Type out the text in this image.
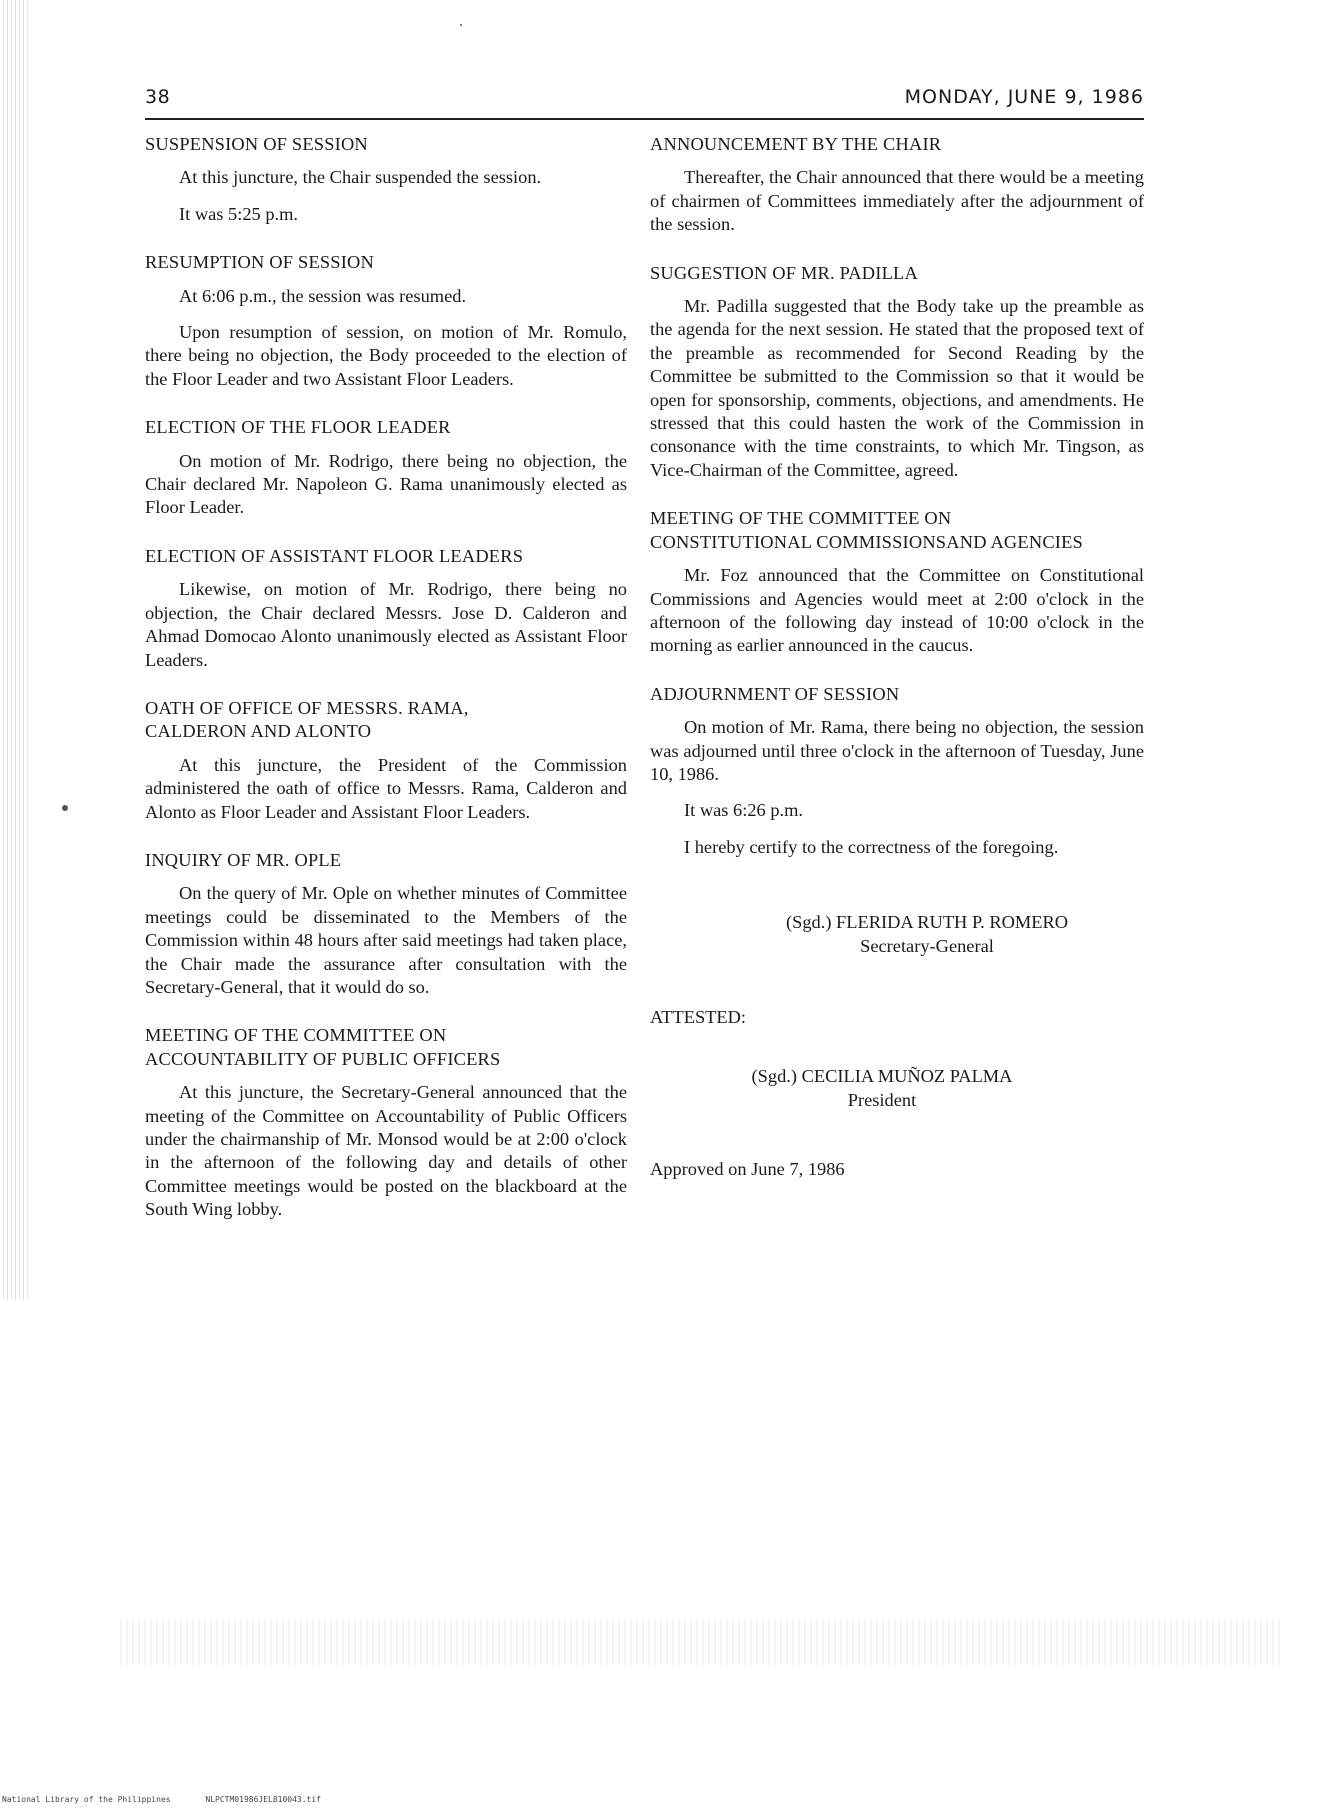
38	MONDAY, JUNE 9, 1986

SUSPENSION OF SESSION

At this juncture, the Chair suspended the session.

It was 5:25 p.m.

RESUMPTION OF SESSION

At 6:06 p.m., the session was resumed.

Upon resumption of session, on motion of Mr. Romulo, there being no objection, the Body proceeded to the election of the Floor Leader and two Assistant Floor Leaders.

ELECTION OF THE FLOOR LEADER

On motion of Mr. Rodrigo, there being no objection, the Chair declared Mr. Napoleon G. Rama unanimously elected as Floor Leader.

ELECTION OF ASSISTANT FLOOR LEADERS

Likewise, on motion of Mr. Rodrigo, there being no objection, the Chair declared Messrs. Jose D. Calderon and Ahmad Domocao Alonto unanimously elected as Assistant Floor Leaders.

OATH OF OFFICE OF MESSRS. RAMA,
CALDERON AND ALONTO

At this juncture, the President of the Commission administered the oath of office to Messrs. Rama, Calderon and Alonto as Floor Leader and Assistant Floor Leaders.

INQUIRY OF MR. OPLE

On the query of Mr. Ople on whether minutes of Committee meetings could be disseminated to the Members of the Commission within 48 hours after said meetings had taken place, the Chair made the assurance after consultation with the Secretary-General, that it would do so.

MEETING OF THE COMMITTEE ON
ACCOUNTABILITY OF PUBLIC OFFICERS

At this juncture, the Secretary-General announced that the meeting of the Committee on Accountability of Public Officers under the chairmanship of Mr. Monsod would be at 2:00 o'clock in the afternoon of the following day and details of other Committee meetings would be posted on the blackboard at the South Wing lobby.

ANNOUNCEMENT BY THE CHAIR

Thereafter, the Chair announced that there would be a meeting of chairmen of Committees immediately after the adjournment of the session.

SUGGESTION OF MR. PADILLA

Mr. Padilla suggested that the Body take up the preamble as the agenda for the next session. He stated that the proposed text of the preamble as recommended for Second Reading by the Committee be submitted to the Commission so that it would be open for sponsorship, comments, objections, and amendments. He stressed that this could hasten the work of the Commission in consonance with the time constraints, to which Mr. Tingson, as Vice-Chairman of the Committee, agreed.

MEETING OF THE COMMITTEE ON
CONSTITUTIONAL COMMISSIONSAND AGENCIES

Mr. Foz announced that the Committee on Constitutional Commissions and Agencies would meet at 2:00 o'clock in the afternoon of the following day instead of 10:00 o'clock in the morning as earlier announced in the caucus.

ADJOURNMENT OF SESSION

On motion of Mr. Rama, there being no objection, the session was adjourned until three o'clock in the afternoon of Tuesday, June 10, 1986.

It was 6:26 p.m.

I hereby certify to the correctness of the foregoing.

(Sgd.) FLERIDA RUTH P. ROMERO
Secretary-General

ATTESTED:

(Sgd.) CECILIA MUÑOZ PALMA
President

Approved on June 7, 1986

National Library of the Philippines	NLPCTM01986JEL810043.tif
